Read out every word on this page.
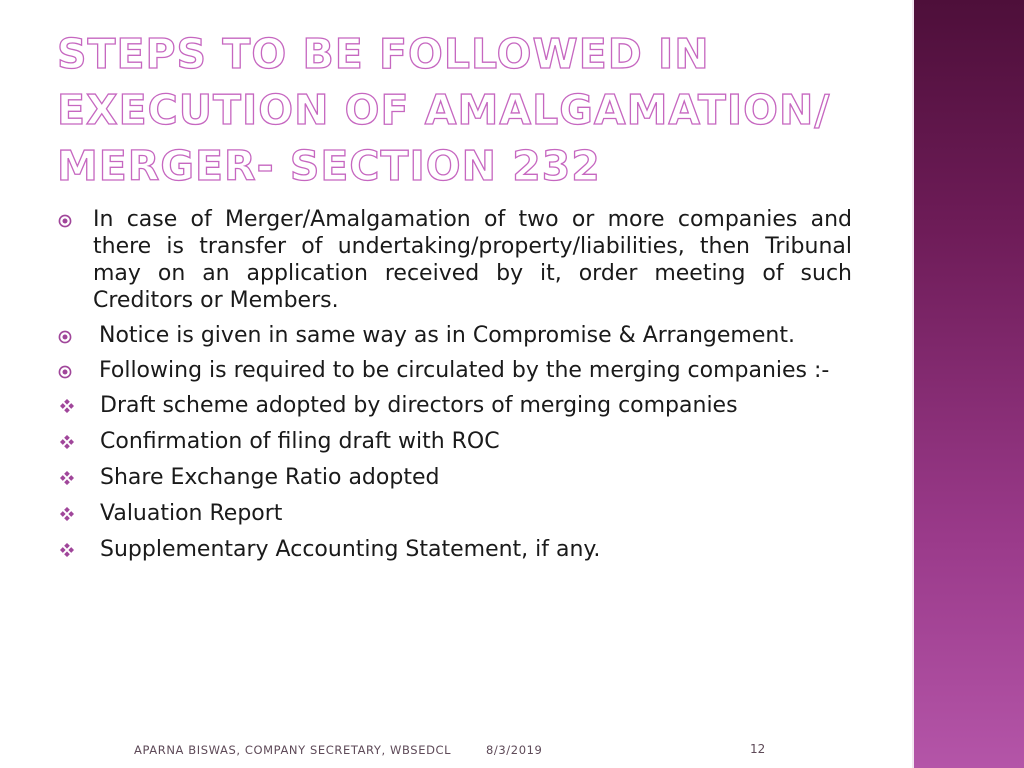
STEPS TO BE FOLLOWED IN
EXECUTION OF AMALGAMATION/
MERGER- SECTION 232
In case of Merger/Amalgamation of two or more companies and there is transfer of undertaking/property/liabilities, then Tribunal may on an application received by it, order meeting of such Creditors or Members.
Notice is given in same way as in Compromise & Arrangement.
Following is required to be circulated by the merging companies :-
Draft scheme adopted by directors of merging companies
Confirmation of filing draft with ROC
Share Exchange Ratio adopted
Valuation Report
Supplementary Accounting Statement, if any.
APARNA BISWAS, COMPANY SECRETARY, WBSEDCL	8/3/2019	12
